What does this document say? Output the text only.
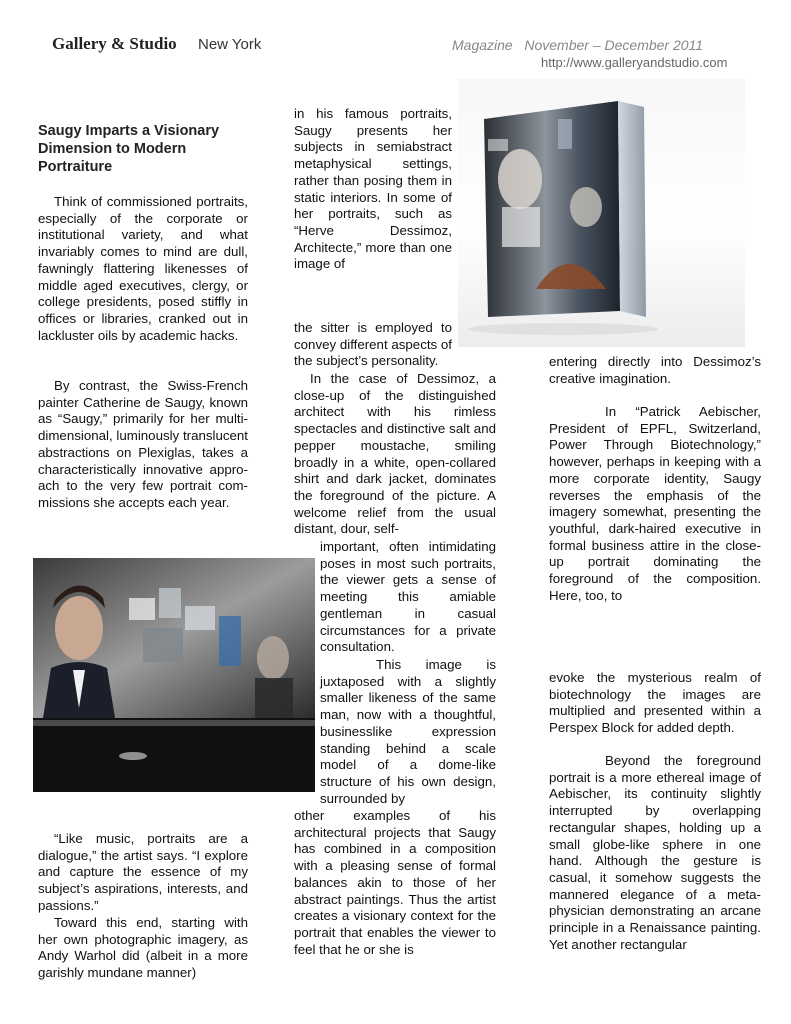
Gallery & Studio New York	Magazine   November – December 2011
http://www.galleryandstudio.com
Saugy Imparts a Visionary Dimension to Modern Portraiture

Think of commissioned portraits, especially of the corporate or institutional variety, and what invariably comes to mind are dull, fawningly flattering likenesses of middle aged executives, clergy, or college presidents, posed stiffly in offices or libraries, cranked out in lackluster oils by academic hacks.

By contrast, the Swiss-French painter Catherine de Saugy, known as “Saugy,” primarily for her multi-dimensional, luminously translucent abstractions on Plexiglas, takes a characteristically innovative appro-ach to the very few portrait com-missions she accepts each year.

“Like music, portraits are a dialogue,” the artist says. “I explore and capture the essence of my subject’s aspirations, interests, and passions.”

Toward this end, starting with her own photographic imagery, as Andy Warhol did (albeit in a more garishly mundane manner)

in his famous portraits, Saugy presents her subjects in semiabstract metaphysical settings, rather than posing them in static interiors. In some of her portraits, such as “Herve Dessimoz, Architecte,” more than one image of

the sitter is employed to convey different aspects of the subject’s personality.

In the case of Dessimoz, a close-up of the distinguished architect with his rimless spectacles and distinctive salt and pepper moustache, smiling broadly in a white, open-collared shirt and dark jacket, dominates the foreground of the picture. A welcome relief from the usual distant, dour, self-

important, often intimidating poses in most such portraits, the viewer gets a sense of meeting this amiable gentleman in casual circumstances for a private consultation.

This image is juxtaposed with a slightly smaller likeness of the same man, now with a thoughtful, businesslike expression standing behind a scale model of a dome-like structure of his own design, surrounded by

other examples of his architectural projects that Saugy has combined in a composition with a pleasing sense of formal balances akin to those of her abstract paintings. Thus the artist creates a visionary context for the portrait that enables the viewer to feel that he or she is

entering directly into Dessimoz’s creative imagination.

In “Patrick Aebischer, President of EPFL, Switzerland, Power Through Biotechnology,” however, perhaps in keeping with a more corporate identity, Saugy reverses the emphasis of the imagery somewhat, presenting the youthful, dark-haired executive in formal business attire in the close-up portrait dominating the foreground of the composition. Here, too, to

evoke the mysterious realm of biotechnology the images are multiplied and presented within a Perspex Block for added depth.

Beyond the foreground portrait is a more ethereal image of Aebischer, its continuity slightly interrupted by overlapping rectangular shapes, holding up a small globe-like sphere in one hand. Although the gesture is casual, it somehow suggests the mannered elegance of a meta-physician demonstrating an arcane principle in a Renaissance painting. Yet another rectangular
